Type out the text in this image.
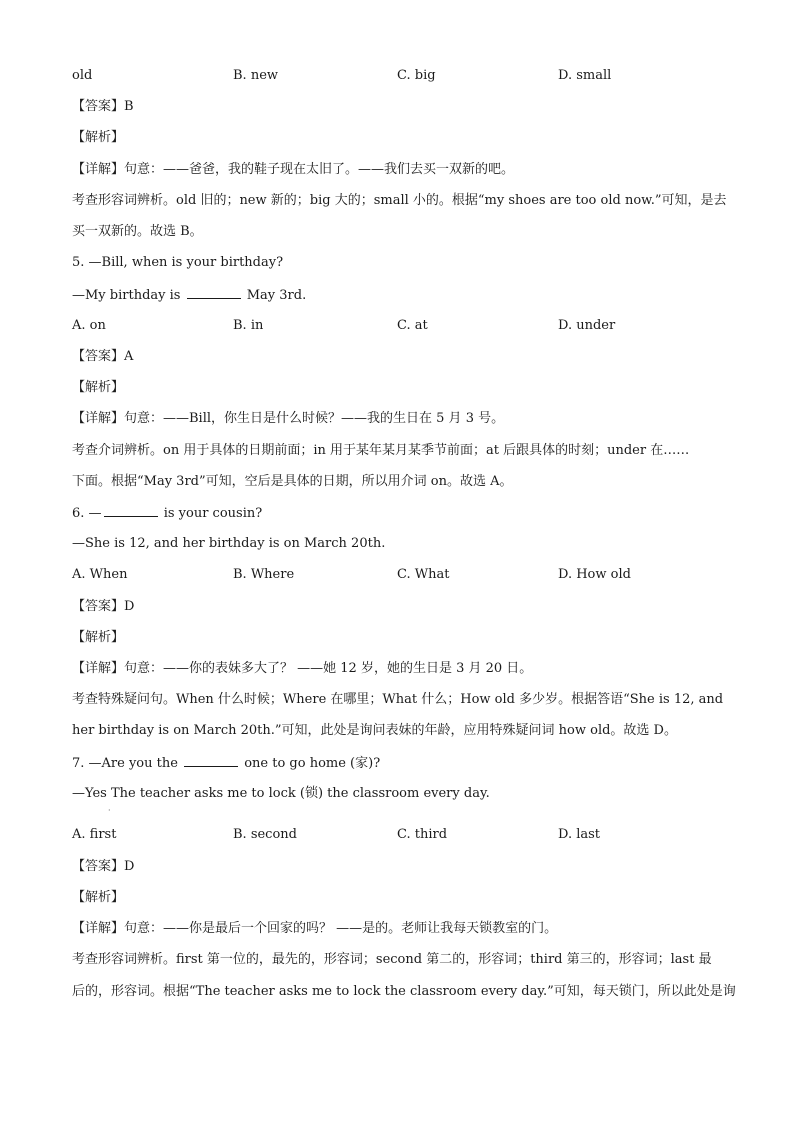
old	B. new	C. big	D. small
【答案】B
【解析】
【详解】句意：——爸爸，我的鞋子现在太旧了。——我们去买一双新的吧。
考查形容词辨析。old 旧的；new 新的；big 大的；small 小的。根据“my shoes are too old now.”可知，是去
买一双新的。故选 B。
5. —Bill, when is your birthday?
—My birthday is	May 3rd.
A. on	B. in	C. at	D. under
【答案】A
【解析】
【详解】句意：——Bill，你生日是什么时候？——我的生日在 5 月 3 号。
考查介词辨析。on 用于具体的日期前面；in 用于某年某月某季节前面；at 后跟具体的时刻；under 在……
下面。根据“May 3rd”可知，空后是具体的日期，所以用介词 on。故选 A。
6. —	is your cousin?
—She is 12, and her birthday is on March 20th.
A. When	B. Where	C. What	D. How old
【答案】D
【解析】
【详解】句意：——你的表妹多大了？ ——她 12 岁，她的生日是 3 月 20 日。
考查特殊疑问句。When 什么时候；Where 在哪里；What 什么；How old 多少岁。根据答语“She is 12, and
her birthday is on March 20th.”可知，此处是询问表妹的年龄，应用特殊疑问词 how old。故选 D。
7. —Are you the	one to go home (家)?
—Yes The teacher asks me to lock (锁) the classroom every day.
·
A. first	B. second	C. third	D. last
【答案】D
【解析】
【详解】句意：——你是最后一个回家的吗？ ——是的。老师让我每天锁教室的门。
考查形容词辨析。first 第一位的，最先的，形容词；second 第二的，形容词；third 第三的，形容词；last 最
后的，形容词。根据“The teacher asks me to lock the classroom every day.”可知，每天锁门，所以此处是询
